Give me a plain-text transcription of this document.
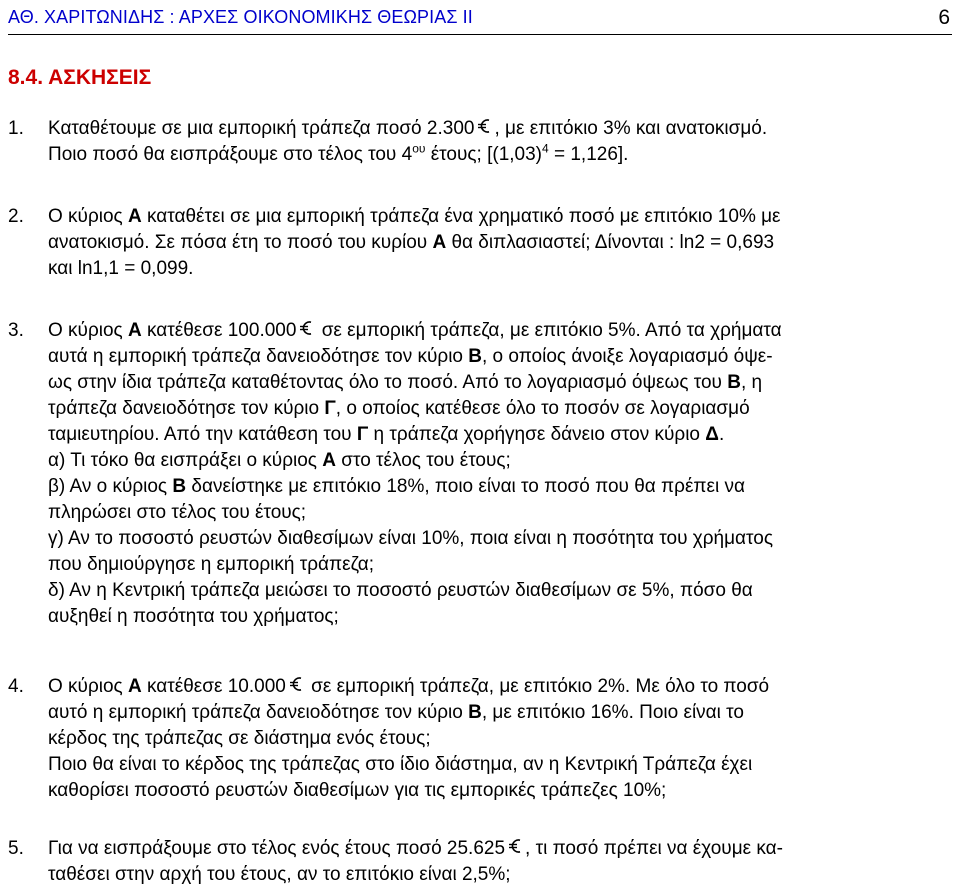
ΑΘ. ΧΑΡΙΤΩΝΙΔΗΣ : ΑΡΧΕΣ ΟΙΚΟΝΟΜΙΚΗΣ ΘΕΩΡΙΑΣ ΙΙ	6
8.4. ΑΣΚΗΣΕΙΣ
1. Καταθέτουμε σε μια εμπορική τράπεζα ποσό 2.300 , με επιτόκιο 3% και ανατοκισμό.
Ποιο ποσό θα εισπράξουμε στο τέλος του $4^{o\upsilon}$ έτους; $[(1,03)^4 = 1,126]$.
2. Ο κύριος Α καταθέτει σε μια εμπορική τράπεζα ένα χρηματικό ποσό με επιτόκιο 10% με
ανατοκισμό. Σε πόσα έτη το ποσό του κυρίου Α θα διπλασιαστεί; Δίνονται : ln2 = 0,693
και ln1,1 = 0,099.
3. Ο κύριος Α κατέθεσε 100.000
σε εμπορική τράπεζα, με επιτόκιο 5%. Από τα χρήματα
αυτά η εμπορική τράπεζα δανειοδότησε τον κύριο Β, ο οποίος άνοιξε λογαριασμό όψε-
ως στην ίδια τράπεζα καταθέτοντας όλο το ποσό. Από το λογαριασμό όψεως του Β, η
τράπεζα δανειοδότησε τον κύριο Γ, ο οποίος κατέθεσε όλο το ποσόν σε λογαριασμό
ταμιευτηρίου. Από την κατάθεση του Γ η τράπεζα χορήγησε δάνειο στον κύριο Δ.
α) Τι τόκο θα εισπράξει ο κύριος Α στο τέλος του έτους;
β) Αν ο κύριος Β δανείστηκε με επιτόκιο 18%, ποιο είναι το ποσό που θα πρέπει να
πληρώσει στο τέλος του έτους;
γ) Αν το ποσοστό ρευστών διαθεσίμων είναι 10%, ποια είναι η ποσότητα του χρήματος
που δημιούργησε η εμπορική τράπεζα;
δ) Αν η Κεντρική τράπεζα μειώσει το ποσοστό ρευστών διαθεσίμων σε 5%, πόσο θα
αυξηθεί η ποσότητα του χρήματος;
4. Ο κύριος Α κατέθεσε 10.000
σε εμπορική τράπεζα, με επιτόκιο 2%. Με όλο το ποσό
αυτό η εμπορική τράπεζα δανειοδότησε τον κύριο Β, με επιτόκιο 16%. Ποιο είναι το
κέρδος της τράπεζας σε διάστημα ενός έτους;
Ποιο θα είναι το κέρδος της τράπεζας στο ίδιο διάστημα, αν η Κεντρική Τράπεζα έχει
καθορίσει ποσοστό ρευστών διαθεσίμων για τις εμπορικές τράπεζες 10%;
5. Για να εισπράξουμε στο τέλος ενός έτους ποσό 25.625 , τι ποσό πρέπει να έχουμε κα-
ταθέσει στην αρχή του έτους, αν το επιτόκιο είναι 2,5%;
